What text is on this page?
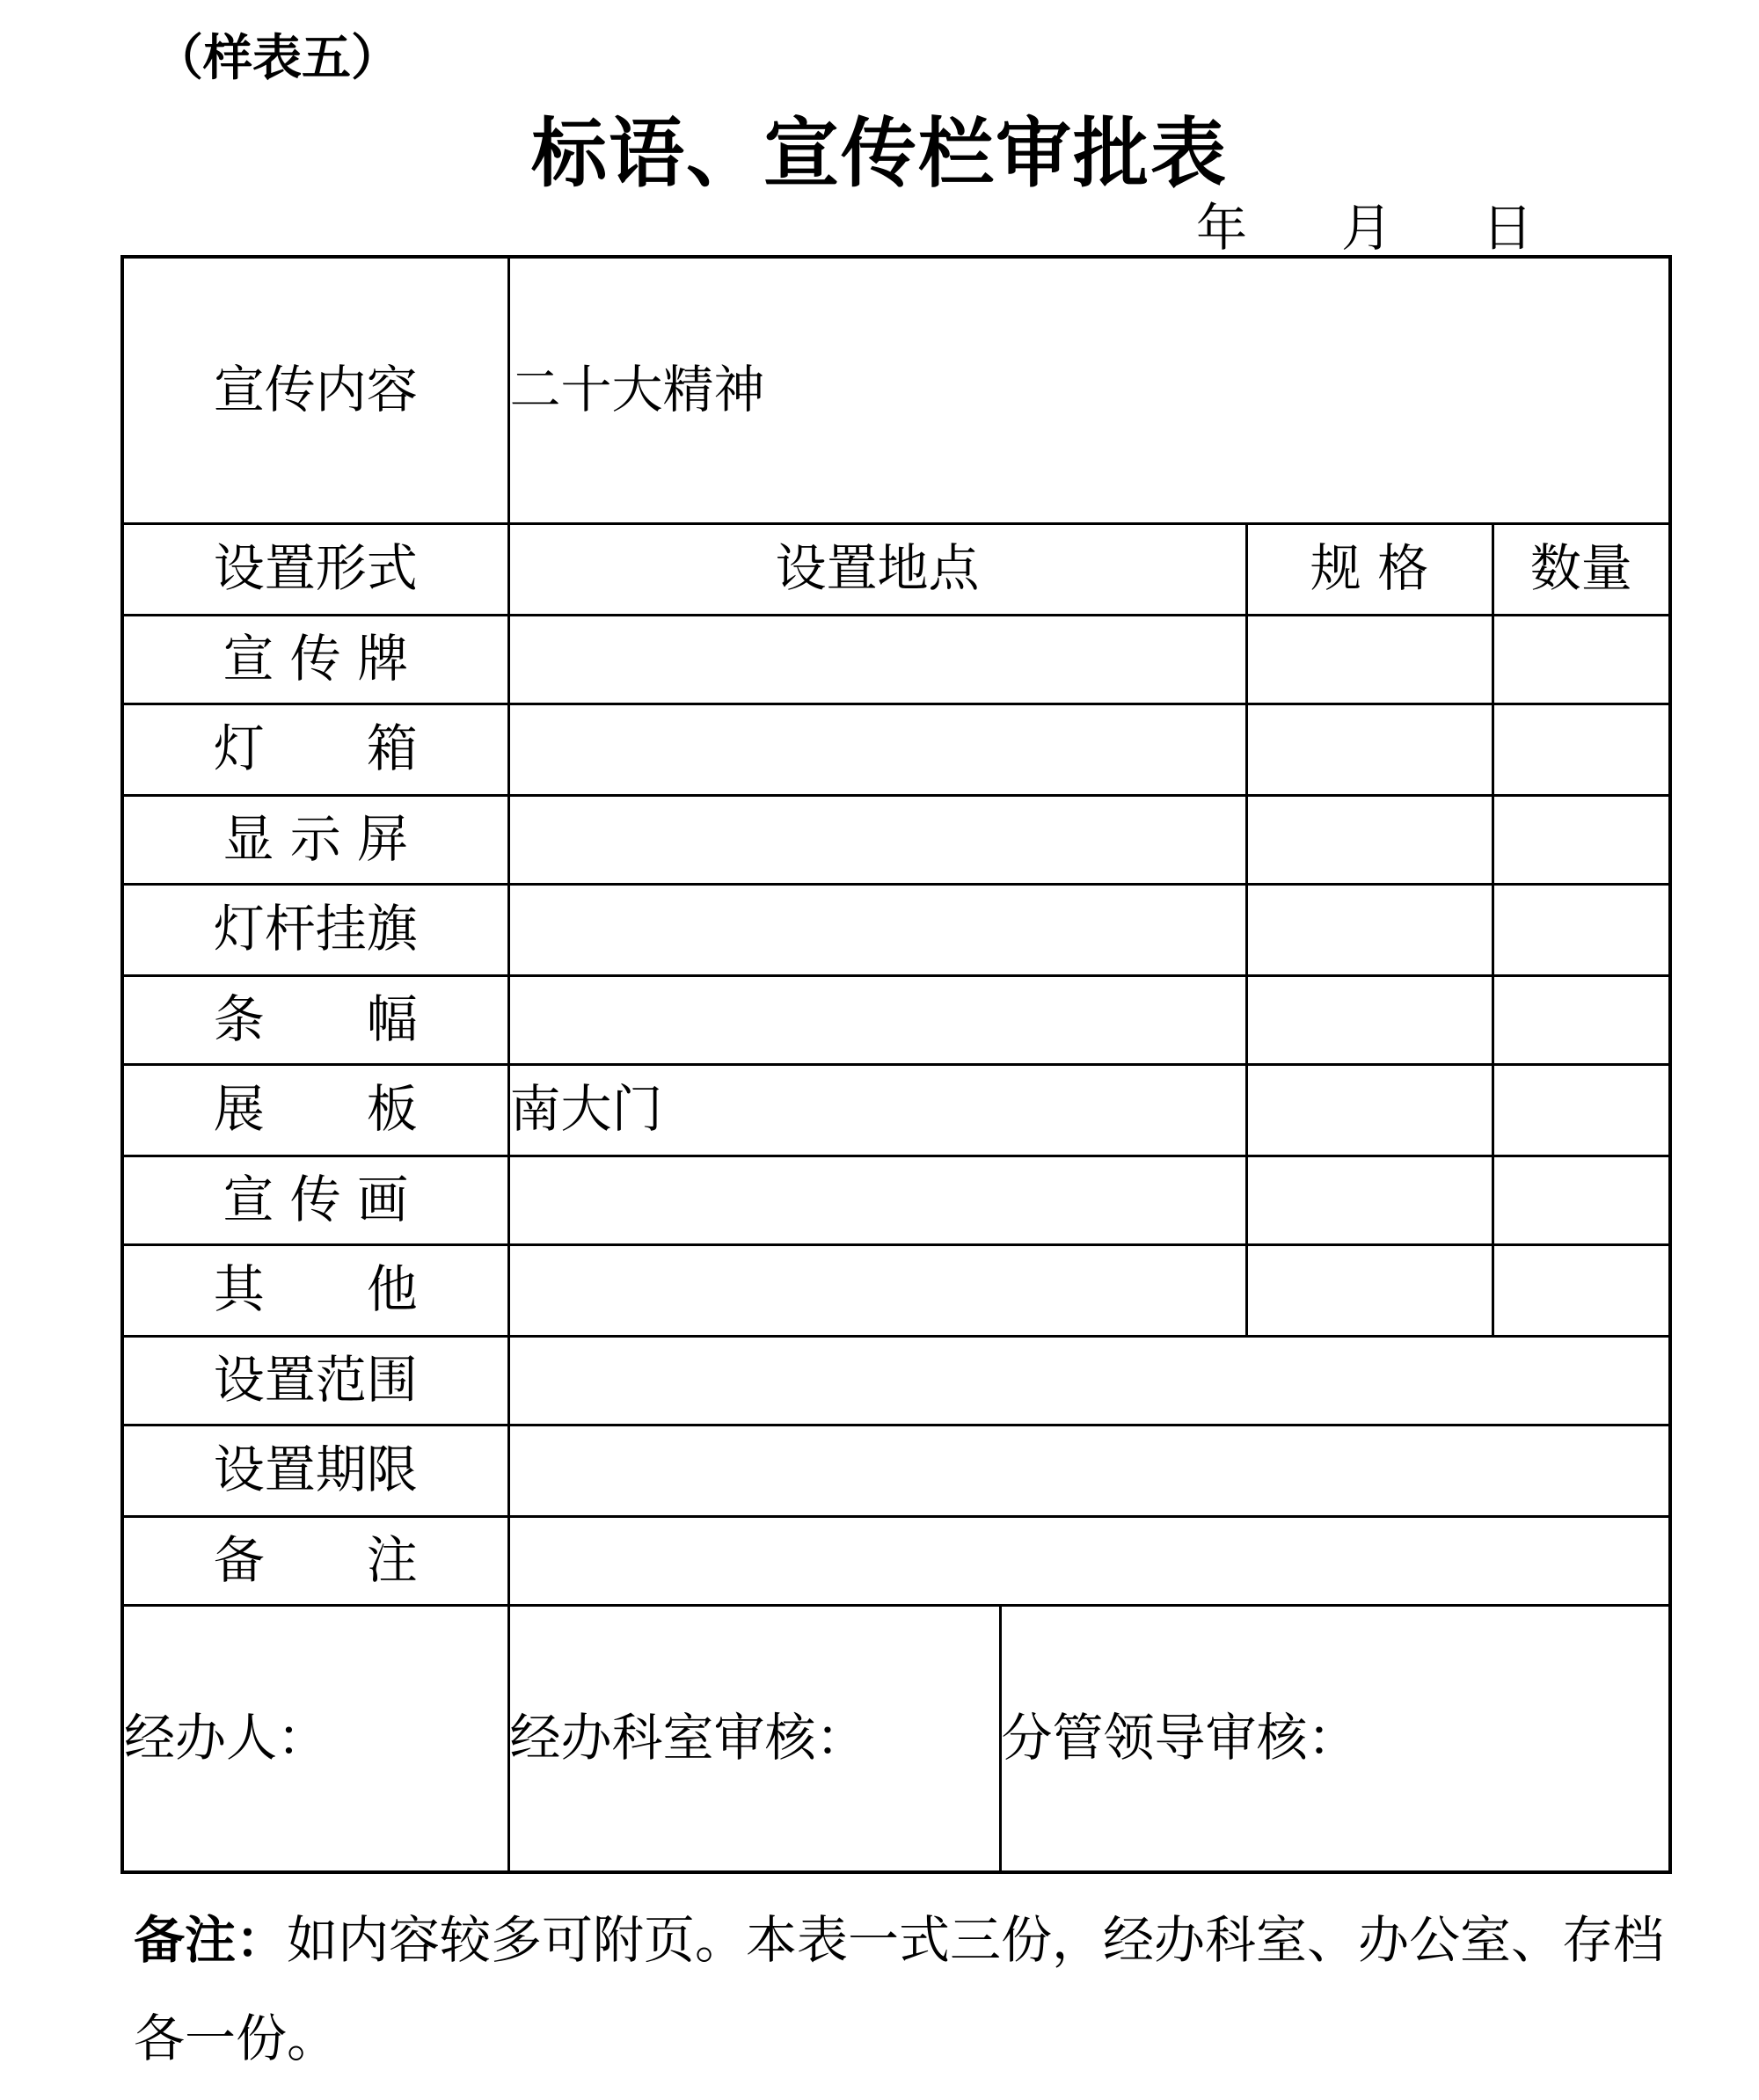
（样表五）
标语、宣传栏审批表
年 月 日
宣传内容	二十大精神			
设置形式	设置地点		规 格	数量
宣 传 牌				
灯　　箱				
显 示 屏				
灯杆挂旗				
条　　幅				
展　　板	南大门			
宣 传 画				
其　　他				
设置范围				
设置期限				
备　　注				
经办人：	经办科室审核：	分管领导审核：		
备注：如内容较多可附页。本表一式三份，经办科室、办公室、存档各一份。
